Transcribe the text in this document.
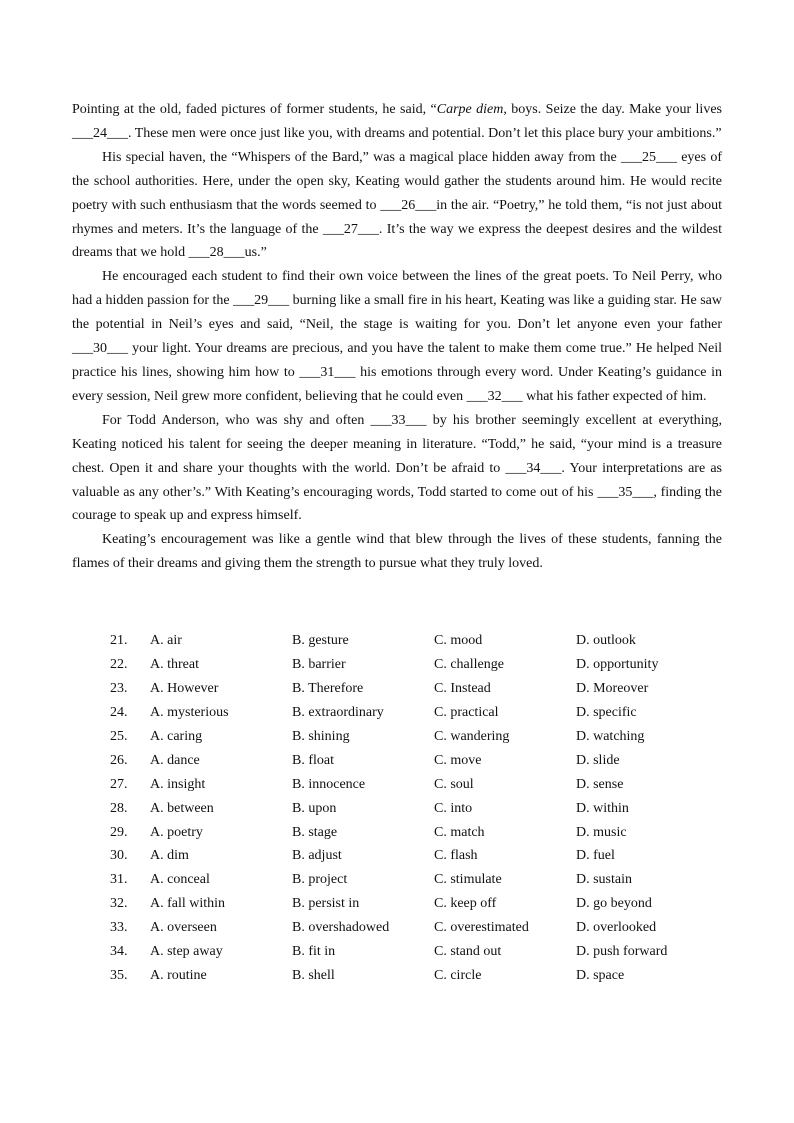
Pointing at the old, faded pictures of former students, he said, “Carpe diem, boys. Seize the day. Make your lives ___24___. These men were once just like you, with dreams and potential. Don’t let this place bury your ambitions.”

His special haven, the “Whispers of the Bard,” was a magical place hidden away from the ___25___ eyes of the school authorities. Here, under the open sky, Keating would gather the students around him. He would recite poetry with such enthusiasm that the words seemed to ___26___in the air. “Poetry,” he told them, “is not just about rhymes and meters. It’s the language of the ___27___. It’s the way we express the deepest desires and the wildest dreams that we hold ___28___us.”

He encouraged each student to find their own voice between the lines of the great poets. To Neil Perry, who had a hidden passion for the ___29___ burning like a small fire in his heart, Keating was like a guiding star. He saw the potential in Neil’s eyes and said, “Neil, the stage is waiting for you. Don’t let anyone even your father ___30___ your light. Your dreams are precious, and you have the talent to make them come true.” He helped Neil practice his lines, showing him how to ___31___ his emotions through every word. Under Keating’s guidance in every session, Neil grew more confident, believing that he could even ___32___ what his father expected of him.

For Todd Anderson, who was shy and often ___33___ by his brother seemingly excellent at everything, Keating noticed his talent for seeing the deeper meaning in literature. “Todd,” he said, “your mind is a treasure chest. Open it and share your thoughts with the world. Don’t be afraid to ___34___. Your interpretations are as valuable as any other’s.” With Keating’s encouraging words, Todd started to come out of his ___35___, finding the courage to speak up and express himself.

Keating’s encouragement was like a gentle wind that blew through the lives of these students, fanning the flames of their dreams and giving them the strength to pursue what they truly loved.

21. A. air	B. gesture	C. mood	D. outlook
22. A. threat	B. barrier	C. challenge	D. opportunity
23. A. However	B. Therefore	C. Instead	D. Moreover
24. A. mysterious	B. extraordinary	C. practical	D. specific
25. A. caring	B. shining	C. wandering	D. watching
26. A. dance	B. float	C. move	D. slide
27. A. insight	B. innocence	C. soul	D. sense
28. A. between	B. upon	C. into	D. within
29. A. poetry	B. stage	C. match	D. music
30. A. dim	B. adjust	C. flash	D. fuel
31. A. conceal	B. project	C. stimulate	D. sustain
32. A. fall within	B. persist in	C. keep off	D. go beyond
33. A. overseen	B. overshadowed	C. overestimated	D. overlooked
34. A. step away	B. fit in	C. stand out	D. push forward
35. A. routine	B. shell	C. circle	D. space
